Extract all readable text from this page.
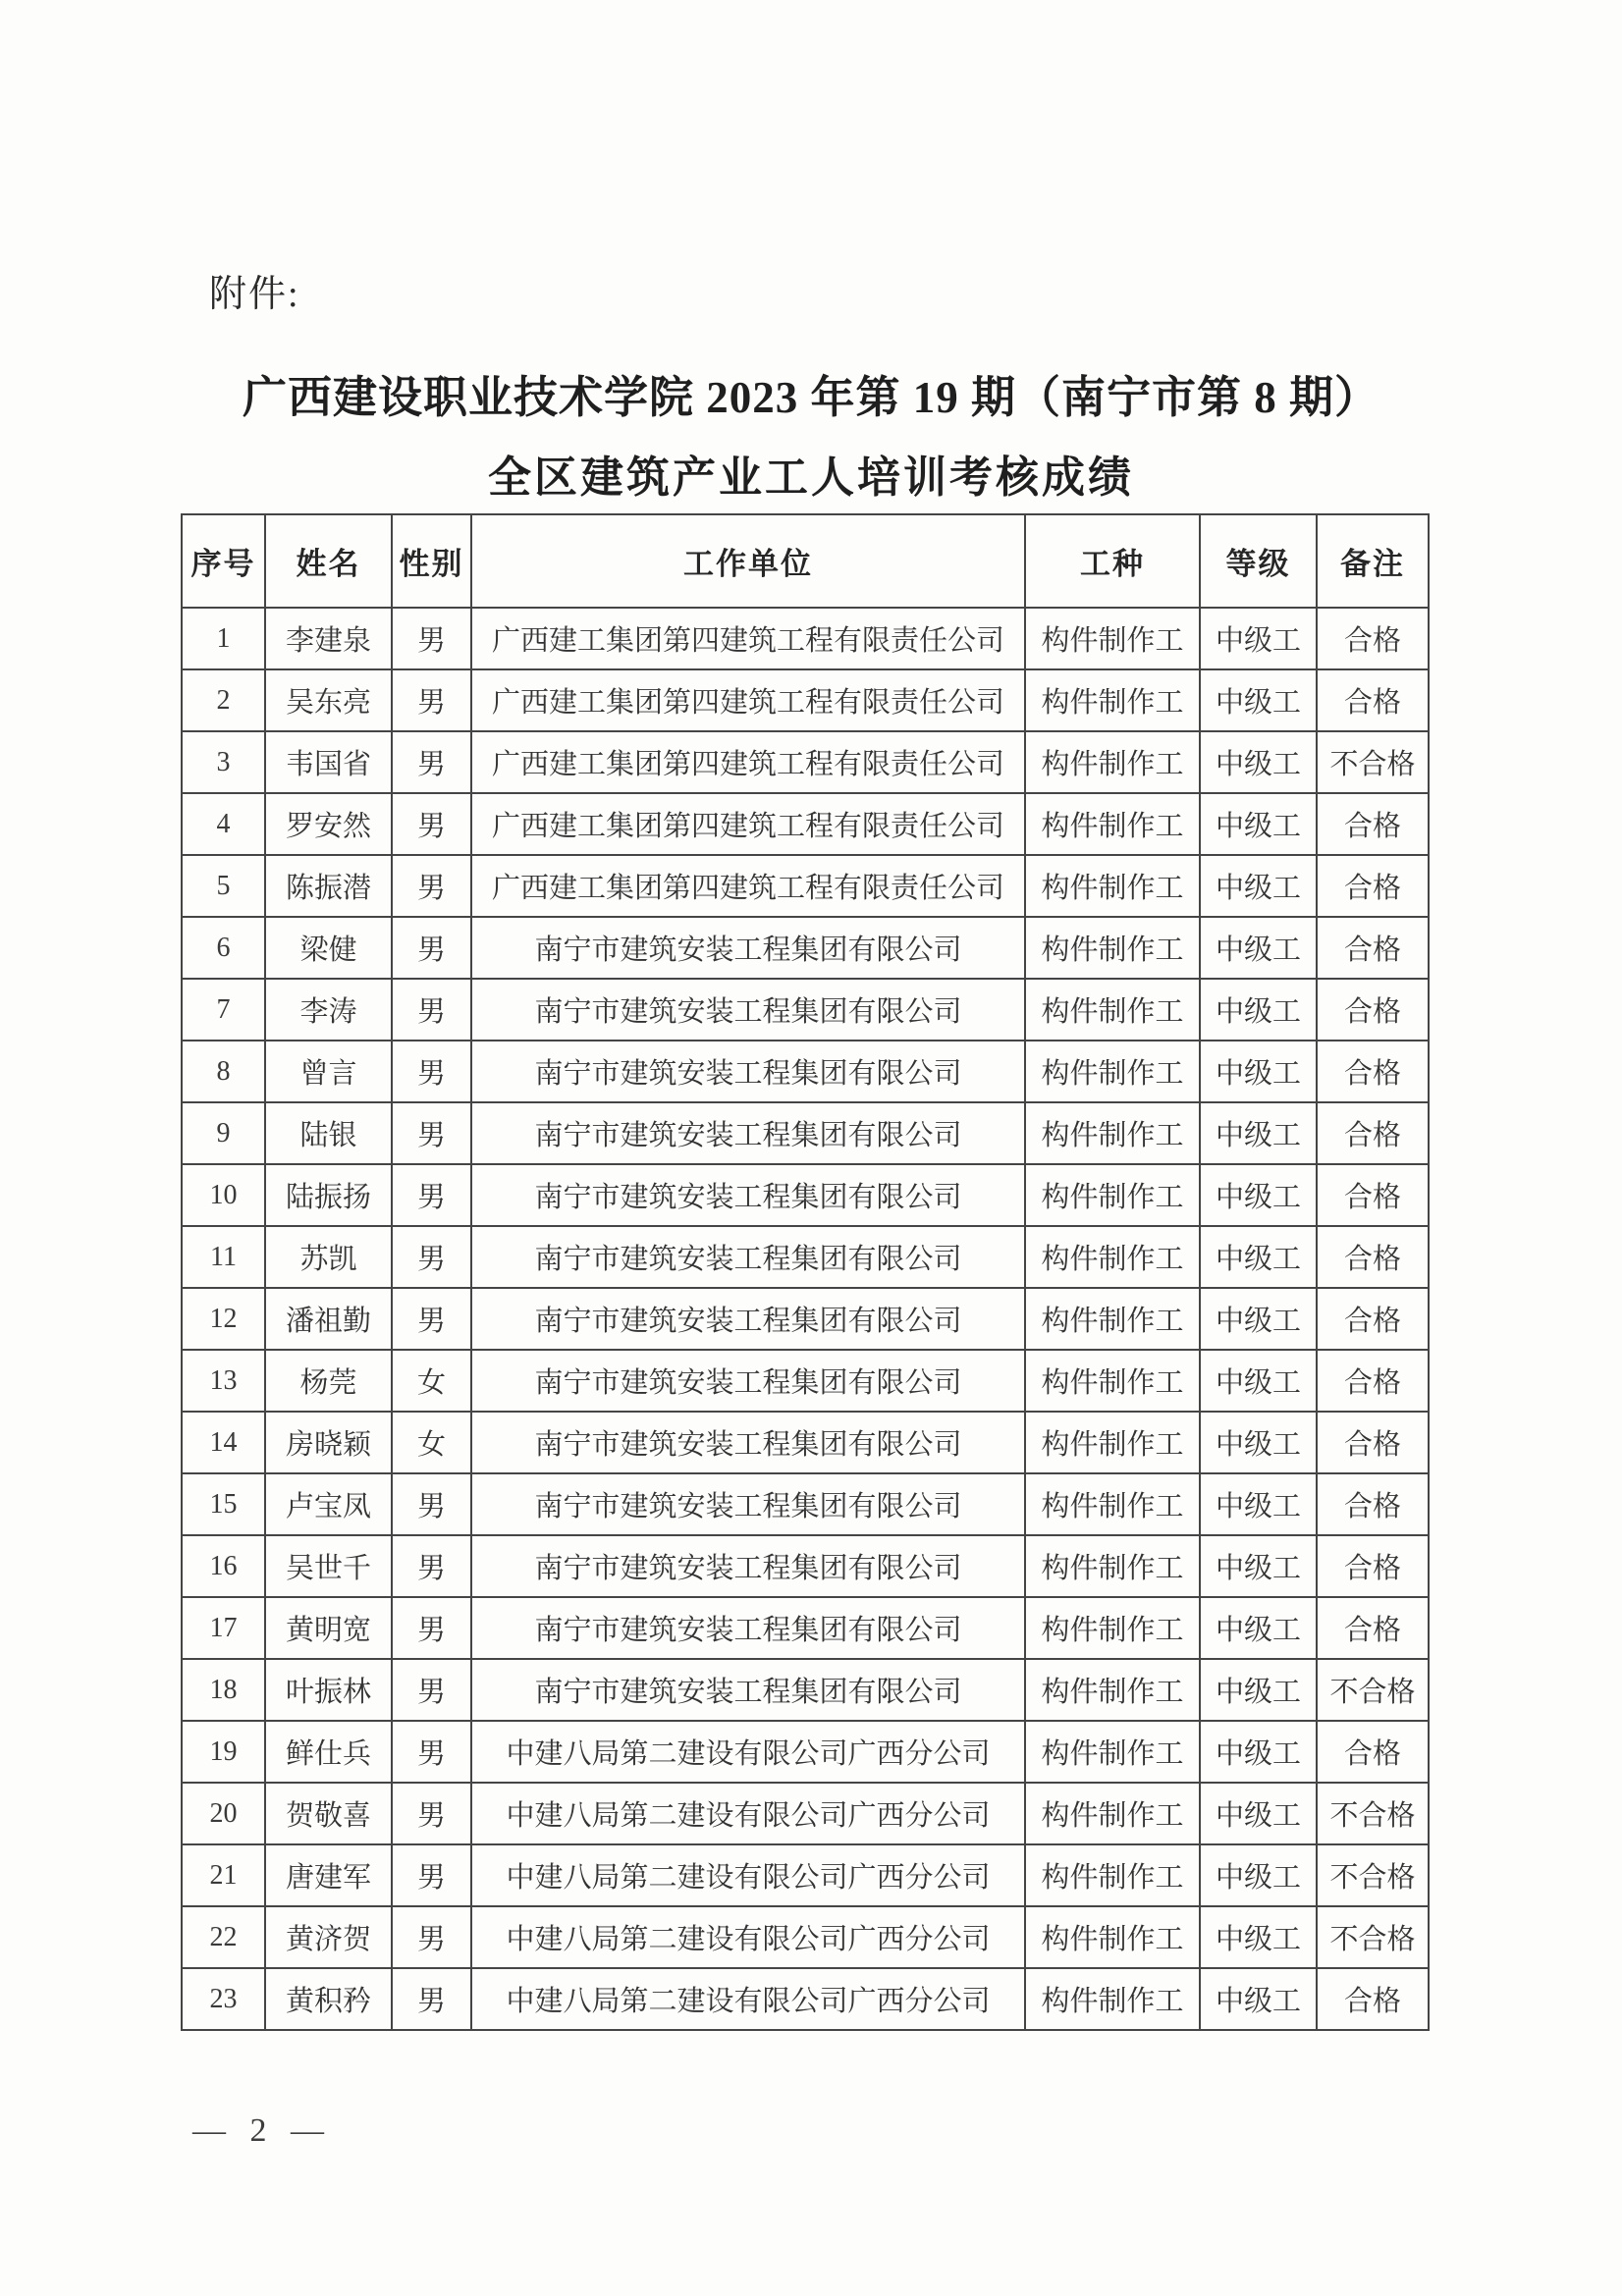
附件:
广西建设职业技术学院 2023 年第 19 期（南宁市第 8 期）
全区建筑产业工人培训考核成绩
序号	姓名	性别	工作单位	工种	等级	备注
1	李建泉	男	广西建工集团第四建筑工程有限责任公司	构件制作工	中级工	合格
2	吴东亮	男	广西建工集团第四建筑工程有限责任公司	构件制作工	中级工	合格
3	韦国省	男	广西建工集团第四建筑工程有限责任公司	构件制作工	中级工	不合格
4	罗安然	男	广西建工集团第四建筑工程有限责任公司	构件制作工	中级工	合格
5	陈振潜	男	广西建工集团第四建筑工程有限责任公司	构件制作工	中级工	合格
6	梁健	男	南宁市建筑安装工程集团有限公司	构件制作工	中级工	合格
7	李涛	男	南宁市建筑安装工程集团有限公司	构件制作工	中级工	合格
8	曾言	男	南宁市建筑安装工程集团有限公司	构件制作工	中级工	合格
9	陆银	男	南宁市建筑安装工程集团有限公司	构件制作工	中级工	合格
10	陆振扬	男	南宁市建筑安装工程集团有限公司	构件制作工	中级工	合格
11	苏凯	男	南宁市建筑安装工程集团有限公司	构件制作工	中级工	合格
12	潘祖勤	男	南宁市建筑安装工程集团有限公司	构件制作工	中级工	合格
13	杨莞	女	南宁市建筑安装工程集团有限公司	构件制作工	中级工	合格
14	房晓颖	女	南宁市建筑安装工程集团有限公司	构件制作工	中级工	合格
15	卢宝凤	男	南宁市建筑安装工程集团有限公司	构件制作工	中级工	合格
16	吴世千	男	南宁市建筑安装工程集团有限公司	构件制作工	中级工	合格
17	黄明宽	男	南宁市建筑安装工程集团有限公司	构件制作工	中级工	合格
18	叶振林	男	南宁市建筑安装工程集团有限公司	构件制作工	中级工	不合格
19	鲜仕兵	男	中建八局第二建设有限公司广西分公司	构件制作工	中级工	合格
20	贺敬喜	男	中建八局第二建设有限公司广西分公司	构件制作工	中级工	不合格
21	唐建军	男	中建八局第二建设有限公司广西分公司	构件制作工	中级工	不合格
22	黄济贺	男	中建八局第二建设有限公司广西分公司	构件制作工	中级工	不合格
23	黄积矜	男	中建八局第二建设有限公司广西分公司	构件制作工	中级工	合格
— 2 —
